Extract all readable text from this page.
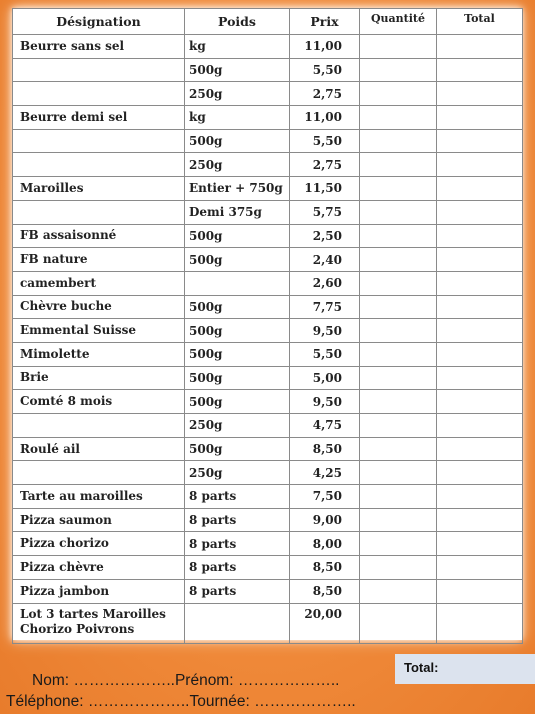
Désignation	Poids	Prix	Quantité	Total
Beurre sans sel	kg	11,00		
	500g	5,50		
	250g	2,75		
Beurre demi sel	kg	11,00		
	500g	5,50		
	250g	2,75		
Maroilles	Entier + 750g	11,50		
	Demi 375g	5,75		
FB assaisonné	500g	2,50		
FB nature	500g	2,40		
camembert		2,60		
Chèvre buche	500g	7,75		
Emmental Suisse	500g	9,50		
Mimolette	500g	5,50		
Brie	500g	5,00		
Comté 8 mois	500g	9,50		
	250g	4,75		
Roulé ail	500g	8,50		
	250g	4,25		
Tarte au maroilles	8 parts	7,50		
Pizza saumon	8 parts	9,00		
Pizza chorizo	8 parts	8,00		
Pizza chèvre	8 parts	8,50		
Pizza jambon	8 parts	8,50		
Lot 3 tartes Maroilles
Chorizo Poivrons		20,00		
Total:
Nom: ………………..Prénom: ………………..
Téléphone: ………………..Tournée: ………………..
